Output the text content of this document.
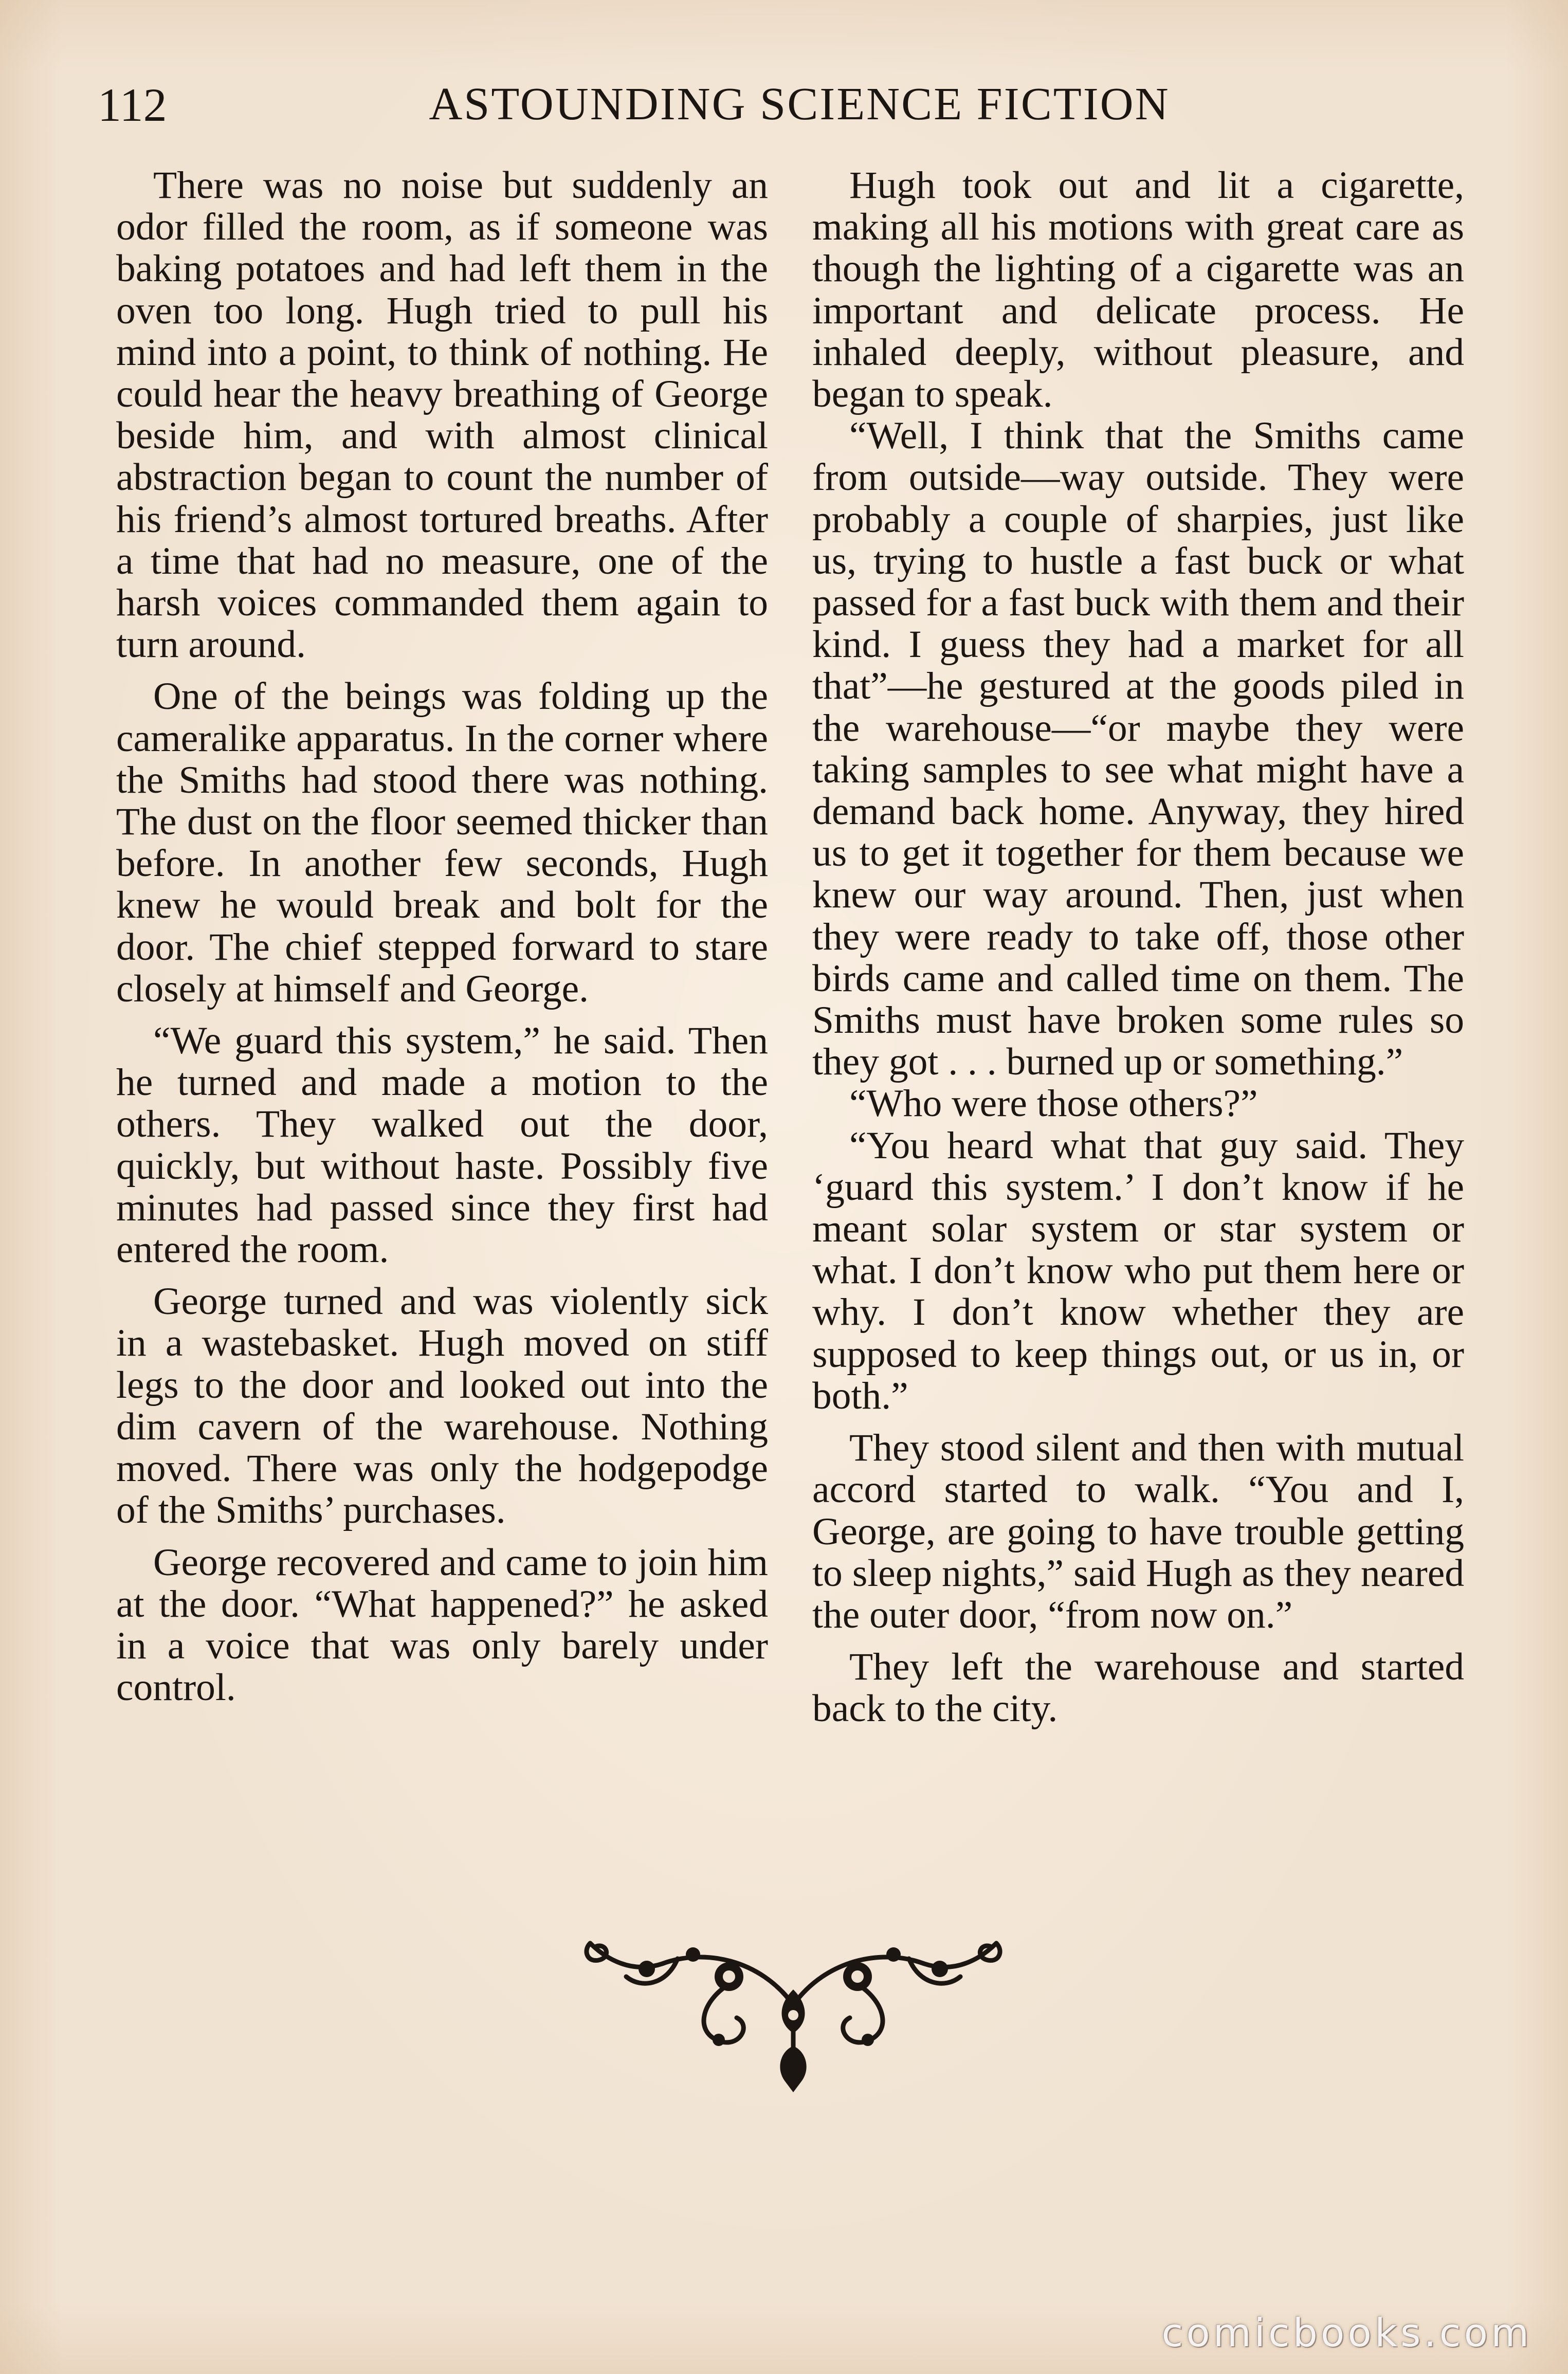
112	ASTOUNDING SCIENCE FICTION

There was no noise but suddenly an odor filled the room, as if someone was baking potatoes and had left them in the oven too long. Hugh tried to pull his mind into a point, to think of nothing. He could hear the heavy breathing of George beside him, and with almost clinical abstraction began to count the number of his friend’s almost tortured breaths. After a time that had no measure, one of the harsh voices commanded them again to turn around.

One of the beings was folding up the cameralike apparatus. In the corner where the Smiths had stood there was nothing. The dust on the floor seemed thicker than before. In another few seconds, Hugh knew he would break and bolt for the door. The chief stepped forward to stare closely at himself and George.

“We guard this system,” he said. Then he turned and made a motion to the others. They walked out the door, quickly, but without haste. Possibly five minutes had passed since they first had entered the room.

George turned and was violently sick in a wastebasket. Hugh moved on stiff legs to the door and looked out into the dim cavern of the warehouse. Nothing moved. There was only the hodgepodge of the Smiths’ purchases.

George recovered and came to join him at the door. “What happened?” he asked in a voice that was only barely under control.

Hugh took out and lit a cigarette, making all his motions with great care as though the lighting of a cigarette was an important and delicate process. He inhaled deeply, without pleasure, and began to speak.

“Well, I think that the Smiths came from outside—way outside. They were probably a couple of sharpies, just like us, trying to hustle a fast buck or what passed for a fast buck with them and their kind. I guess they had a market for all that”—he gestured at the goods piled in the warehouse—“or maybe they were taking samples to see what might have a demand back home. Anyway, they hired us to get it together for them because we knew our way around. Then, just when they were ready to take off, those other birds came and called time on them. The Smiths must have broken some rules so they got . . . burned up or something.”

“Who were those others?”

“You heard what that guy said. They ‘guard this system.’ I don’t know if he meant solar system or star system or what. I don’t know who put them here or why. I don’t know whether they are supposed to keep things out, or us in, or both.”

They stood silent and then with mutual accord started to walk. “You and I, George, are going to have trouble getting to sleep nights,” said Hugh as they neared the outer door, “from now on.”

They left the warehouse and started back to the city.

comicbooks.com
